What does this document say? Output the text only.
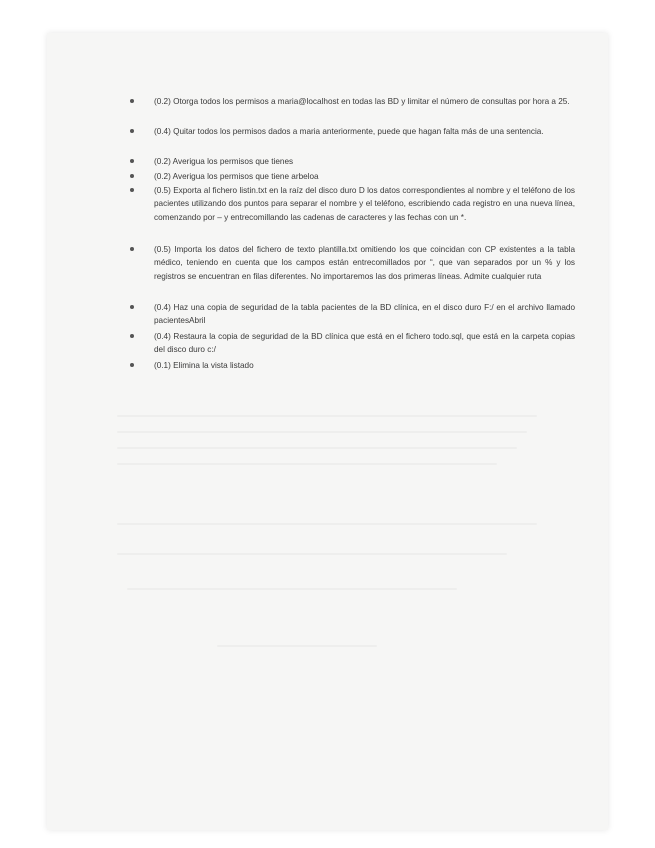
(0.2) Otorga todos los permisos a maria@localhost en todas las BD y limitar el número de consultas por hora a 25.
(0.4) Quitar todos los permisos dados a maria anteriormente, puede que hagan falta más de una sentencia.
(0.2) Averigua los permisos que tienes
(0.2) Averigua los permisos que tiene arbeloa
(0.5) Exporta al fichero listin.txt en la raíz del disco duro D los datos correspondientes al nombre y el teléfono de los pacientes utilizando dos puntos para separar el nombre y el teléfono, escribiendo cada registro en una nueva línea, comenzando por – y entrecomillando las cadenas de caracteres y las fechas con un *.
(0.5) Importa los datos del fichero de texto plantilla.txt omitiendo los que coincidan con CP existentes a la tabla médico, teniendo en cuenta que los campos están entrecomillados por “, que van separados por un % y los registros se encuentran en filas diferentes. No importaremos las dos primeras líneas. Admite cualquier ruta
(0.4) Haz una copia de seguridad de la tabla pacientes de la BD clínica, en el disco duro F:/ en el archivo llamado pacientesAbril
(0.4) Restaura la copia de seguridad de la BD clínica que está en el fichero todo.sql, que está en la carpeta copias del disco duro c:/
(0.1) Elimina la vista listado
